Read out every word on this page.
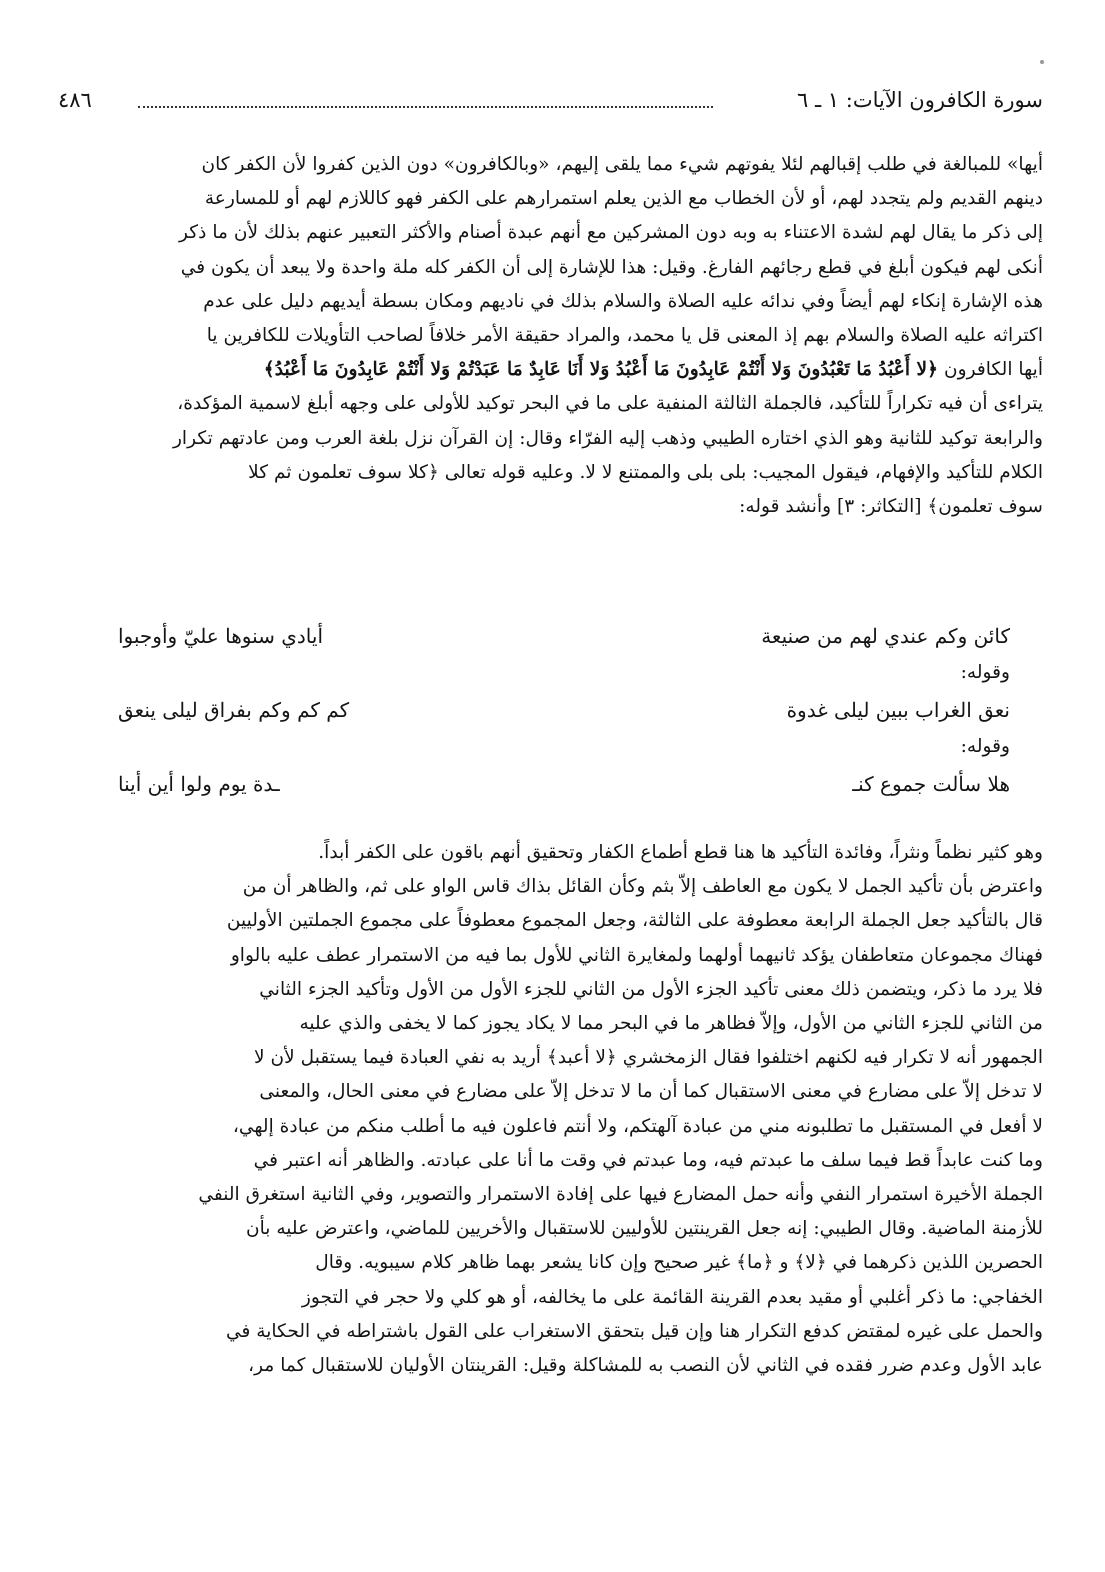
سورة الكافرون الآيات: ١ ـ ٦
٤٨٦

أيها» للمبالغة في طلب إقبالهم لئلا يفوتهم شيء مما يلقى إليهم، «وبالكافرون» دون الذين كفروا لأن الكفر كان

دينهم القديم ولم يتجدد لهم، أو لأن الخطاب مع الذين يعلم استمرارهم على الكفر فهو كاللازم لهم أو للمسارعة

إلى ذكر ما يقال لهم لشدة الاعتناء به وبه دون المشركين مع أنهم عبدة أصنام والأكثر التعبير عنهم بذلك لأن ما ذكر

أنكى لهم فيكون أبلغ في قطع رجائهم الفارغ. وقيل: هذا للإشارة إلى أن الكفر كله ملة واحدة ولا يبعد أن يكون في

هذه الإشارة إنكاء لهم أيضاً وفي ندائه عليه الصلاة والسلام بذلك في ناديهم ومكان بسطة أيديهم دليل على عدم

اكتراثه عليه الصلاة والسلام بهم إذ المعنى قل يا محمد، والمراد حقيقة الأمر خلافاً لصاحب التأويلات للكافرين يا

أيها الكافرون ﴿لا أَعْبُدُ مَا تَعْبُدُونَ وَلا أَنْتُمْ عَابِدُونَ مَا أَعْبُدُ وَلا أَنَا عَابِدٌ مَا عَبَدْتُمْ وَلا أَنْتُمْ عَابِدُونَ مَا أَعْبُدُ﴾

يتراءى أن فيه تكراراً للتأكيد، فالجملة الثالثة المنفية على ما في البحر توكيد للأولى على وجهه أبلغ لاسمية المؤكدة،

والرابعة توكيد للثانية وهو الذي اختاره الطيبي وذهب إليه الفرّاء وقال: إن القرآن نزل بلغة العرب ومن عادتهم تكرار

الكلام للتأكيد والإفهام، فيقول المجيب: بلى بلى والممتنع لا لا. وعليه قوله تعالى ﴿كلا سوف تعلمون ثم كلا

سوف تعلمون﴾ [التكاثر: ٣] وأنشد قوله:

كائن وكم عندي لهم من صنيعة
أيادي سنوها عليّ وأوجبوا
وقوله:
نعق الغراب ببين ليلى غدوة
كم كم وكم بفراق ليلى ينعق
وقوله:
هلا سألت جموع كنـ
ـدة يوم ولوا أين أينا

وهو كثير نظماً ونثراً، وفائدة التأكيد ها هنا قطع أطماع الكفار وتحقيق أنهم باقون على الكفر أبداً.

واعترض بأن تأكيد الجمل لا يكون مع العاطف إلاّ بثم وكأن القائل بذاك قاس الواو على ثم، والظاهر أن من

قال بالتأكيد جعل الجملة الرابعة معطوفة على الثالثة، وجعل المجموع معطوفاً على مجموع الجملتين الأوليين

فهناك مجموعان متعاطفان يؤكد ثانيهما أولهما ولمغايرة الثاني للأول بما فيه من الاستمرار عطف عليه بالواو

فلا يرد ما ذكر، ويتضمن ذلك معنى تأكيد الجزء الأول من الثاني للجزء الأول من الأول وتأكيد الجزء الثاني

من الثاني للجزء الثاني من الأول، وإلاّ فظاهر ما في البحر مما لا يكاد يجوز كما لا يخفى والذي عليه

الجمهور أنه لا تكرار فيه لكنهم اختلفوا فقال الزمخشري ﴿لا أعبد﴾ أريد به نفي العبادة فيما يستقبل لأن لا

لا تدخل إلاّ على مضارع في معنى الاستقبال كما أن ما لا تدخل إلاّ على مضارع في معنى الحال، والمعنى

لا أفعل في المستقبل ما تطلبونه مني من عبادة آلهتكم، ولا أنتم فاعلون فيه ما أطلب منكم من عبادة إلهي،

وما كنت عابداً قط فيما سلف ما عبدتم فيه، وما عبدتم في وقت ما أنا على عبادته. والظاهر أنه اعتبر في

الجملة الأخيرة استمرار النفي وأنه حمل المضارع فيها على إفادة الاستمرار والتصوير، وفي الثانية استغرق النفي

للأزمنة الماضية. وقال الطيبي: إنه جعل القرينتين للأوليين للاستقبال والأخريين للماضي، واعترض عليه بأن

الحصرين اللذين ذكرهما في ﴿لا﴾ و ﴿ما﴾ غير صحيح وإن كانا يشعر بهما ظاهر كلام سيبويه. وقال

الخفاجي: ما ذكر أغلبي أو مقيد بعدم القرينة القائمة على ما يخالفه، أو هو كلي ولا حجر في التجوز

والحمل على غيره لمقتض كدفع التكرار هنا وإن قيل بتحقق الاستغراب على القول باشتراطه في الحكاية في

عابد الأول وعدم ضرر فقده في الثاني لأن النصب به للمشاكلة وقيل: القرينتان الأوليان للاستقبال كما مر،
